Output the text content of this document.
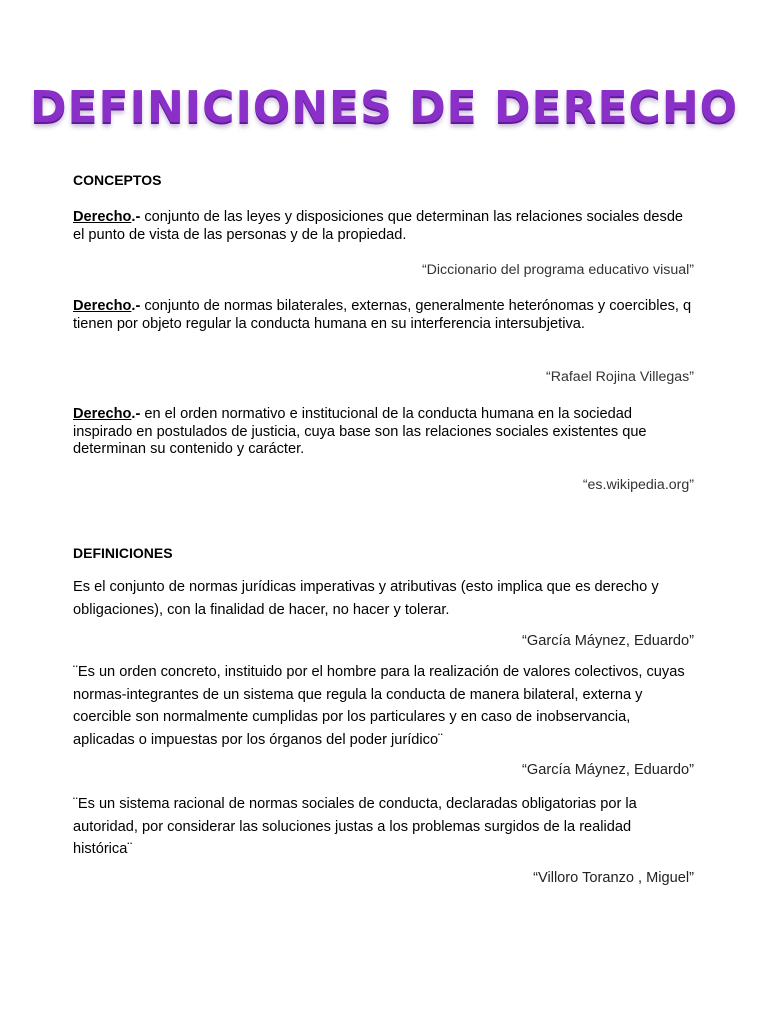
DEFINICIONES DE DERECHO
CONCEPTOS
Derecho.- conjunto de las leyes y disposiciones que determinan las relaciones sociales desde el punto de vista de las personas y de la propiedad.
“Diccionario del programa educativo visual”
Derecho.- conjunto de normas bilaterales, externas, generalmente heterónomas y coercibles, q tienen por objeto regular la conducta humana en su interferencia intersubjetiva.
“Rafael Rojina Villegas”
Derecho.- en el orden normativo e institucional de la conducta humana en la sociedad inspirado en postulados de justicia, cuya base son las relaciones sociales existentes que determinan su contenido y carácter.
“es.wikipedia.org”
DEFINICIONES
Es el conjunto de normas jurídicas imperativas y atributivas (esto implica que es derecho y obligaciones), con la finalidad de hacer, no hacer y tolerar.
“García Máynez, Eduardo”
¨Es un orden concreto, instituido por el hombre para la realización de valores colectivos, cuyas normas-integrantes de un sistema que regula la conducta de manera bilateral, externa y coercible son normalmente cumplidas por los particulares y en caso de inobservancia, aplicadas o impuestas por los órganos del poder jurídico¨
“García Máynez, Eduardo”
¨Es un sistema racional de normas sociales de conducta, declaradas obligatorias por la autoridad, por considerar las soluciones justas a los problemas surgidos de la realidad histórica¨
“Villoro Toranzo , Miguel”
